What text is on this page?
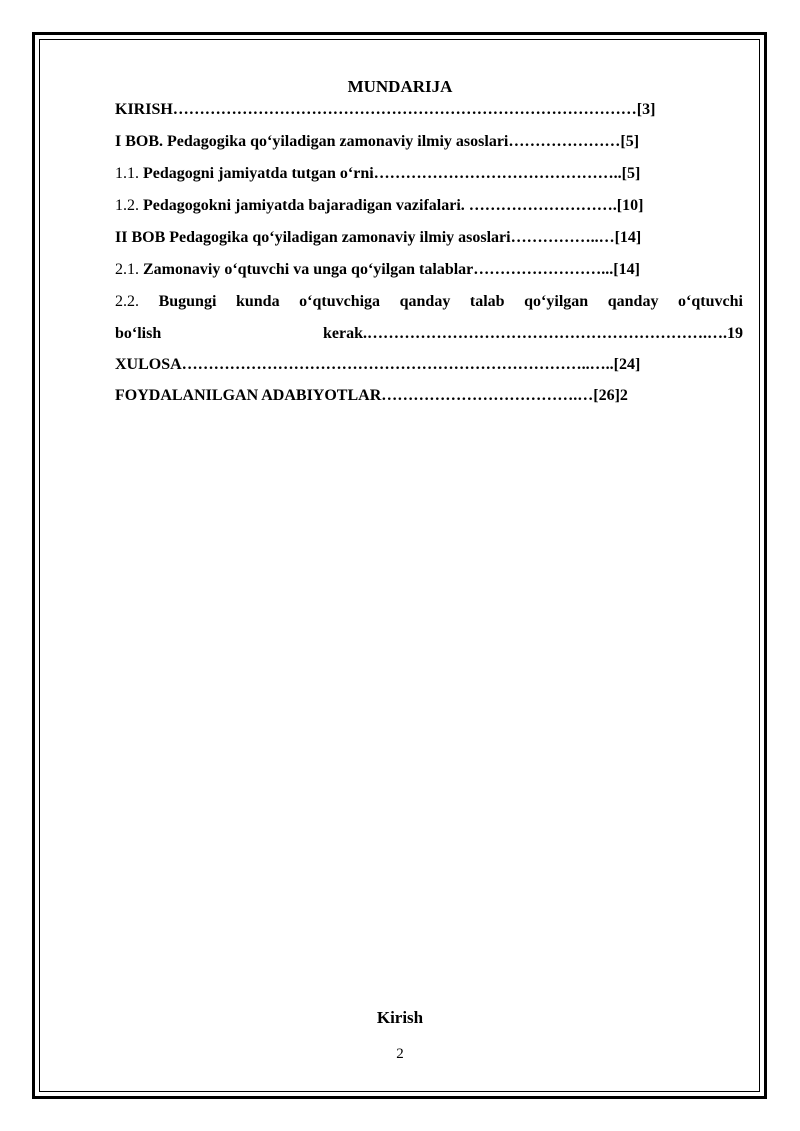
MUNDARIJA
KIRISH……………………………………………………………………………[3]
I BOB. Pedagogika qo‘yiladigan zamonaviy ilmiy asoslari…………………[5]
1.1. Pedagogni jamiyatda tutgan o‘rni………………………………………..[5]
1.2. Pedagogokni jamiyatda bajaradigan vazifalari. ……………………….[10]
II BOB Pedagogika qo‘yiladigan zamonaviy ilmiy asoslari……………..…[14]
2.1. Zamonaviy o‘qtuvchi va unga qo‘yilgan talablar……………………...[14]
2.2. Bugungi kunda o‘qtuvchiga qanday talab qo‘yilgan qanday o‘qtuvchi
bo‘lish	kerak.……………………………………………………….….19
XULOSA…………………………………………………………………..…..[24]
FOYDALANILGAN ADABIYOTLAR……………………………….…[26]2
Kirish
2
